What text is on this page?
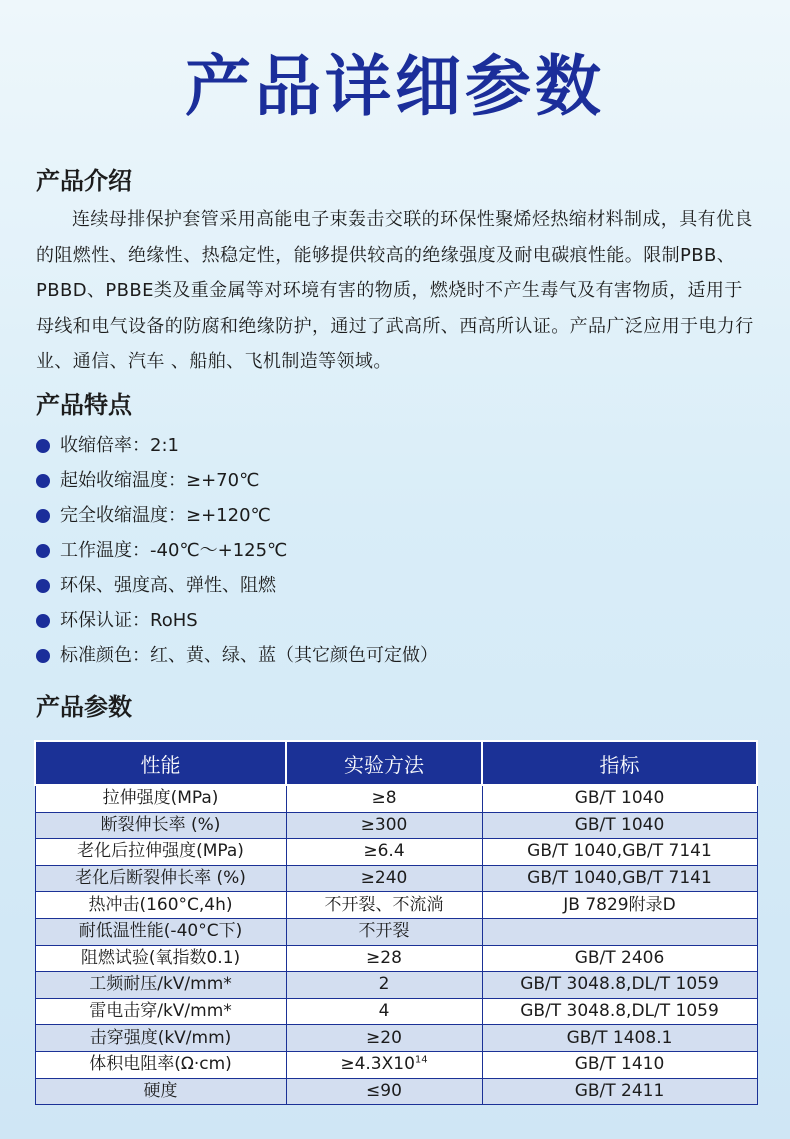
产品详细参数
产品介绍

连续母排保护套管采用高能电子束轰击交联的环保性聚烯烃热缩材料制成，具有优良的阻燃性、绝缘性、热稳定性，能够提供较高的绝缘强度及耐电碳痕性能。限制PBB、PBBD、PBBE类及重金属等对环境有害的物质，燃烧时不产生毒气及有害物质，适用于母线和电气设备的防腐和绝缘防护，通过了武高所、西高所认证。产品广泛应用于电力行业、通信、汽车 、船舶、飞机制造等领域。

产品特点
收缩倍率：2:1
起始收缩温度：≥+70℃
完全收缩温度：≥+120℃
工作温度：-40℃～+125℃
环保、强度高、弹性、阻燃
环保认证：RoHS
标准颜色：红、黄、绿、蓝（其它颜色可定做）
产品参数
性能	实验方法	指标
拉伸强度(MPa)	≥8	GB/T 1040
断裂伸长率 (%)	≥300	GB/T 1040
老化后拉伸强度(MPa)	≥6.4	GB/T 1040,GB/T 7141
老化后断裂伸长率 (%)	≥240	GB/T 1040,GB/T 7141
热冲击(160°C,4h)	不开裂、不流淌	JB 7829附录D
耐低温性能(-40°C下)	不开裂	
阻燃试验(氧指数0.1)	≥28	GB/T 2406
工频耐压/kV/mm*	2	GB/T 3048.8,DL/T 1059
雷电击穿/kV/mm*	4	GB/T 3048.8,DL/T 1059
击穿强度(kV/mm)	≥20	GB/T 1408.1
体积电阻率(Ω·cm)	$\ge 4.3X10^{14}$	GB/T 1410
硬度	≤90	GB/T 2411
